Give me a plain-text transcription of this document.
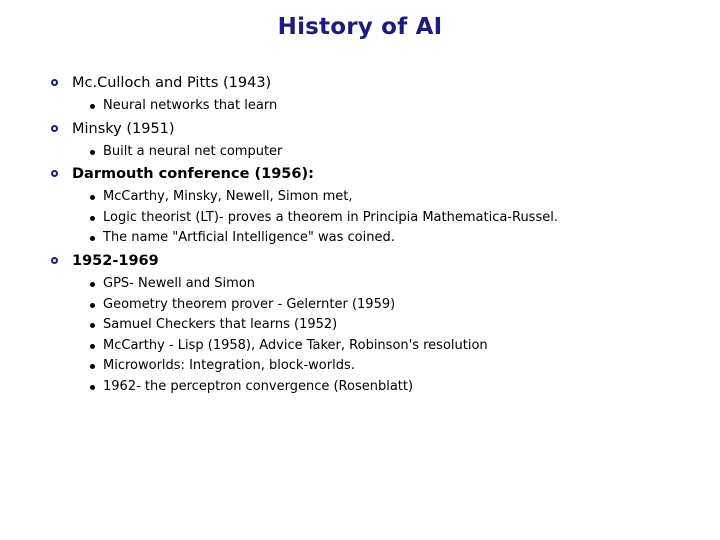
History of AI
Mc.Culloch and Pitts (1943)
Neural networks that learn
Minsky (1951)
Built a neural net computer
Darmouth conference (1956):
McCarthy, Minsky, Newell, Simon met,
Logic theorist (LT)- proves a theorem in Principia Mathematica-Russel.
The name "Artficial Intelligence" was coined.
1952-1969
GPS- Newell and Simon
Geometry theorem prover - Gelernter (1959)
Samuel Checkers that learns (1952)
McCarthy - Lisp (1958), Advice Taker, Robinson's resolution
Microworlds: Integration, block-worlds.
1962- the perceptron convergence (Rosenblatt)
